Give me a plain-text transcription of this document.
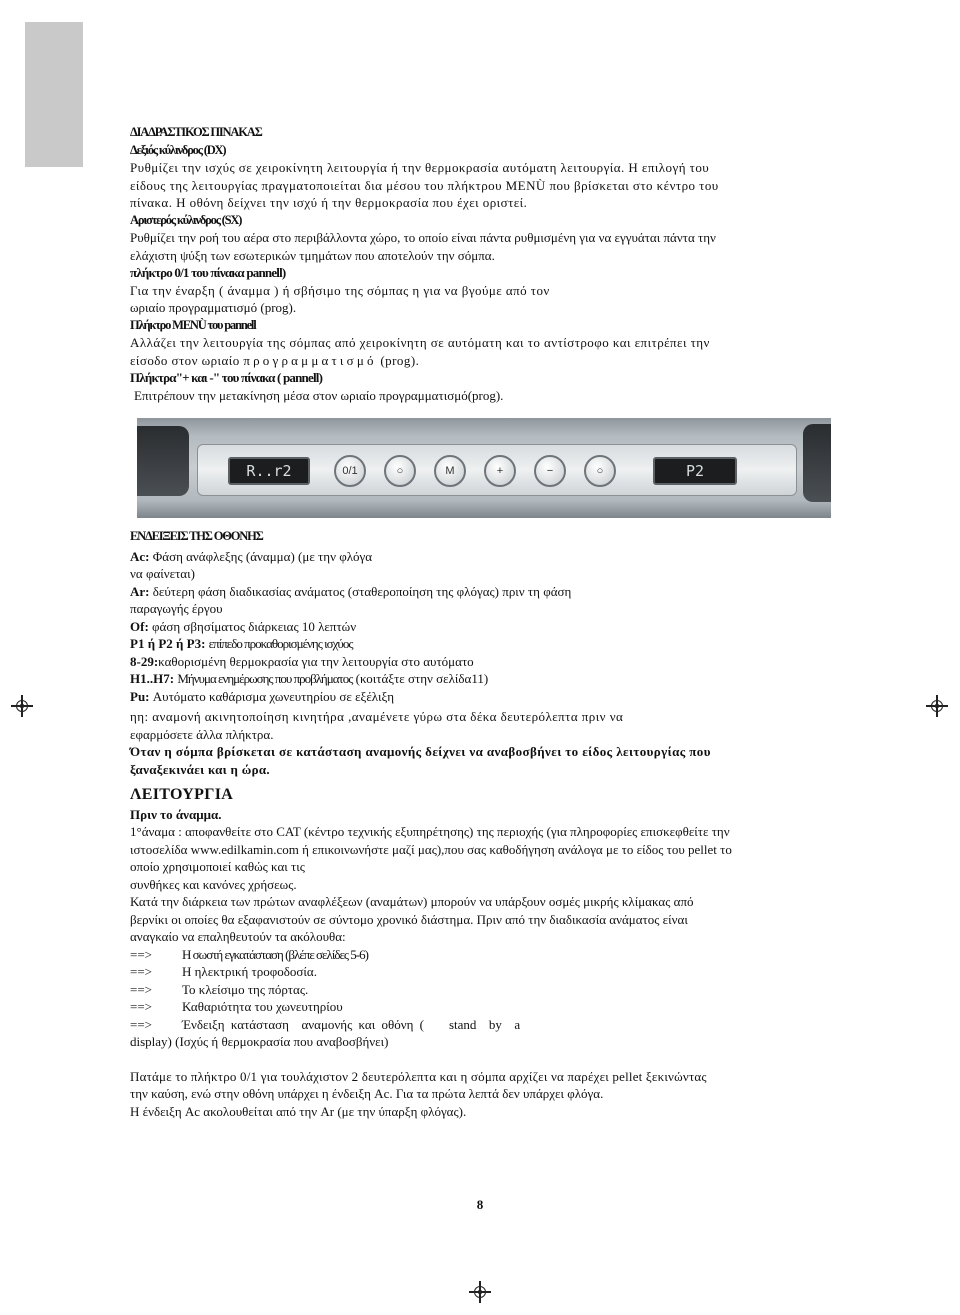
ΔΙΑΔΡΑΣΤΙΚΟΣ ΠΙΝΑΚΑΣ

Δεξιός κύλινδρος (DX)

Ρυθμίζει την ισχύς σε χειροκίνητη λειτουργία ή την θερμοκρασία αυτόματη λειτουργία. Η επιλογή του

είδους της λειτουργίας πραγματοποιείται δια μέσου του πλήκτρου MENÙ που βρίσκεται στο κέντρο του

πίνακα. Η οθόνη δείχνει την ισχύ ή την θερμοκρασία που έχει οριστεί.

Αριστερός κύλινδρος (SX)

Ρυθμίζει την ροή του αέρα στο περιβάλλοντα χώρο, το οποίο είναι πάντα ρυθμισμένη για να εγγυάται πάντα την

ελάχιστη ψύξη των εσωτερικών τμημάτων που αποτελούν την σόμπα.

πλήκτρο 0/1 του πίνακα pannell)

Για την έναρξη ( άναμμα ) ή σβήσιμο της σόμπας η για να βγούμε από τον

ωριαίο προγραμματισμό (prog).

Πλήκτρο MENÙ του pannell

Αλλάζει την λειτουργία της σόμπας από χειροκίνητη σε αυτόματη και το αντίστροφο και επιτρέπει την

είσοδο στον ωριαίο προγραμματισμό (prog).

Πλήκτρα"+ και -" του πίνακα ( pannell)

Επιτρέπουν την μετακίνηση μέσα στον ωριαίο προγραμματισμό(prog).

R..r2	0/1	○	M	+	−	○	P2

ΕΝΔΕΙΞΕΙΣ ΤΗΣ ΟΘΟΝΗΣ

Ac: Φάση ανάφλεξης (άναμμα) (με την φλόγα

να φαίνεται)

Ar: δεύτερη φάση διαδικασίας ανάματος (σταθεροποίηση της φλόγας) πριν τη φάση

παραγωγής έργου

Of: φάση σβησίματος διάρκειας 10 λεπτών

P1 ή P2 ή P3: επίπεδο προκαθορισμένης ισχύος

8-29:καθορισμένη θερμοκρασία για την λειτουργία στο αυτόματο

H1..H7: Μήνυμα ενημέρωσης που προβλήματος (κοιτάξτε στην σελίδα11)

Pu: Αυτόματο καθάρισμα χωνευτηρίου σε εξέλιξη

ηη: αναμονή ακινητοποίηση κινητήρα ,αναμένετε γύρω στα δέκα δευτερόλεπτα πριν να

εφαρμόσετε άλλα πλήκτρα.

Όταν η σόμπα βρίσκεται σε κατάσταση αναμονής δείχνει να αναβοσβήνει το είδος λειτουργίας που

ξαναξεκινάει και η ώρα.

ΛΕΙΤΟΥΡΓΙΑ

Πριν το άναμμα.

1°άναμα : αποφανθείτε στο CAT (κέντρο τεχνικής εξυπηρέτησης) της περιοχής (για πληροφορίες επισκεφθείτε την

ιστοσελίδα www.edilkamin.com ή επικοινωνήστε μαζί μας),που σας καθοδήγηση ανάλογα με το είδος του pellet το

οποίο χρησιμοποιεί καθώς και τις

συνθήκες και κανόνες χρήσεως.

Κατά την διάρκεια των πρώτων αναφλέξεων (αναμάτων) μπορούν να υπάρξουν οσμές μικρής κλίμακας από

βερνίκι οι οποίες θα εξαφανιστούν σε σύντομο χρονικό διάστημα. Πριν από την διαδικασία ανάματος είναι

αναγκαίο να επαληθευτούν τα ακόλουθα:

==>	Η σωστή εγκατάσταση (βλέπε σελίδες 5-6)
==>	Η ηλεκτρική τροφοδοσία.
==>	Το κλείσιμο της πόρτας.
==>	Καθαριότητα του χωνευτηρίου
==>	Ένδειξη κατάσταση  αναμονής και οθόνη (    stand  by  a

display) (Ισχύς ή θερμοκρασία που αναβοσβήνει)

Πατάμε το πλήκτρο 0/1 για τουλάχιστον 2 δευτερόλεπτα και η σόμπα αρχίζει να παρέχει pellet ξεκινώντας

την καύση, ενώ στην οθόνη υπάρχει η ένδειξη Ac. Για τα πρώτα λεπτά δεν υπάρχει φλόγα.

Η ένδειξη Ac ακολουθείται από την Ar (με την ύπαρξη φλόγας).

8
